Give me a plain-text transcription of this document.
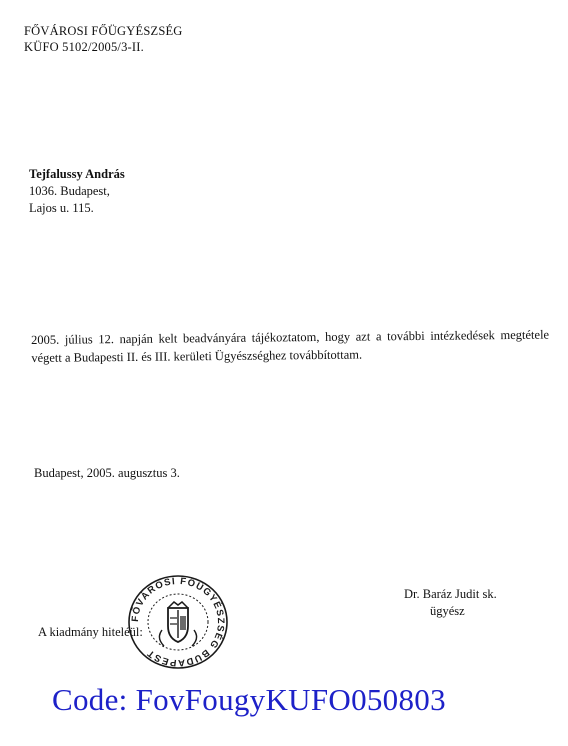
FŐVÁROSI FŐÜGYÉSZSÉG
KÜFO 5102/2005/3-II.
Tejfalussy András
1036. Budapest,
Lajos u. 115.
2005. július 12. napján kelt beadványára tájékoztatom, hogy azt a további intézkedések megtétele végett a Budapesti II. és III. kerületi Ügyészséghez továbbítottam.
Budapest, 2005. augusztus 3.
Dr. Baráz Judit sk.
ügyész
A kiadmány hiteléül:
FŐVÁROSI FŐÜGYÉSZSÉG BUDAPEST
Code: FovFougyKUFO050803
